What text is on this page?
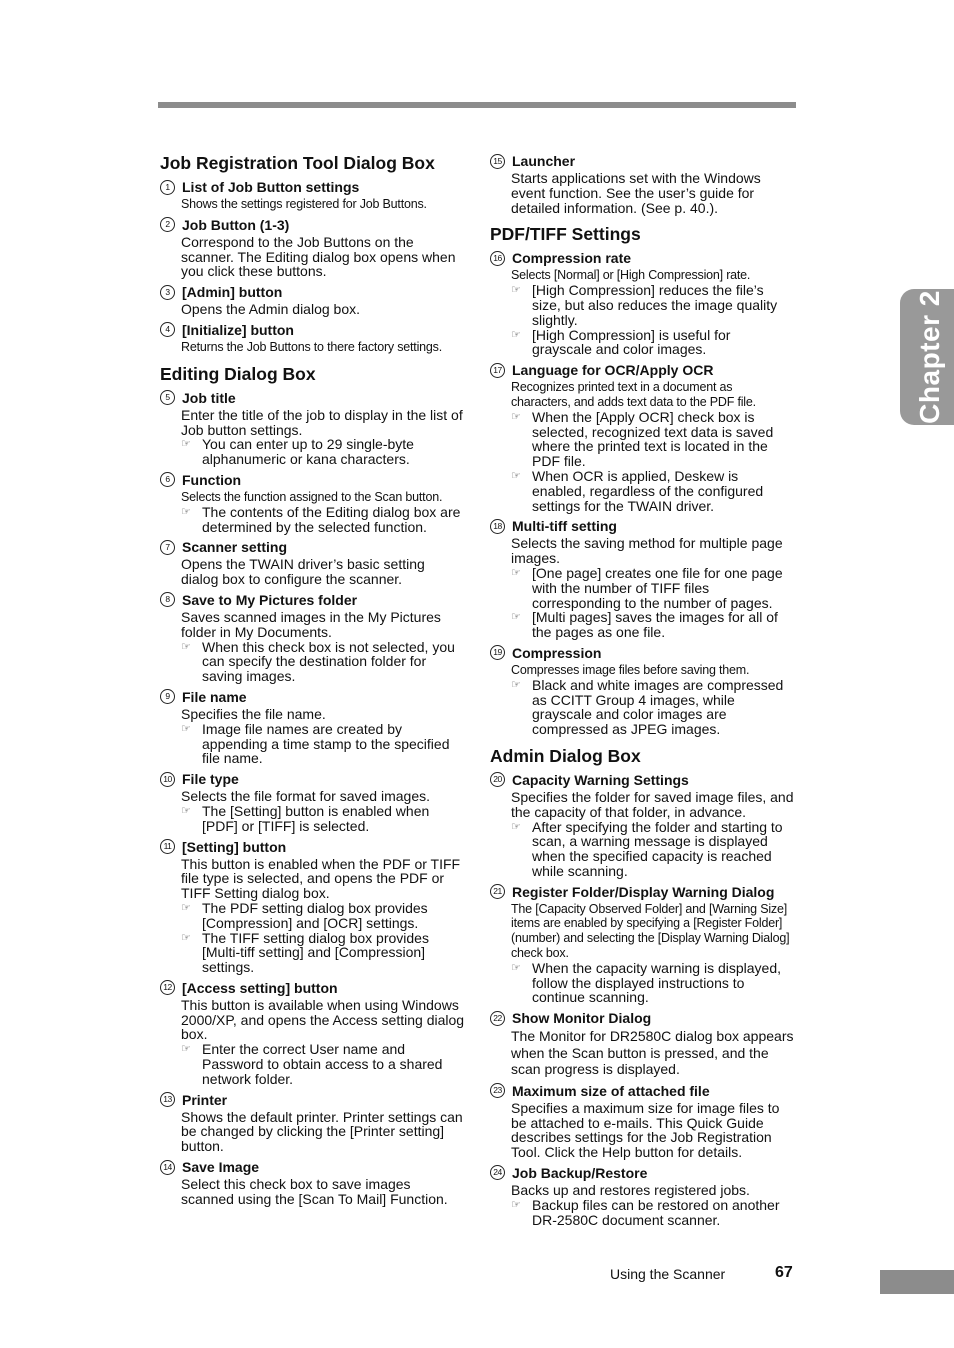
Job Registration Tool Dialog Box
1 List of Job Button settings
Shows the settings registered for Job Buttons.
2 Job Button (1-3)
Correspond to the Job Buttons on the scanner. The Editing dialog box opens when you click these buttons.
3 [Admin] button
Opens the Admin dialog box.
4 [Initialize] button
Returns the Job Buttons to there factory settings.
Editing Dialog Box
5 Job title
Enter the title of the job to display in the list of Job button settings.
☞ You can enter up to 29 single-byte alphanumeric or kana characters.
6 Function
Selects the function assigned to the Scan button.
☞ The contents of the Editing dialog box are determined by the selected function.
7 Scanner setting
Opens the TWAIN driver’s basic setting dialog box to configure the scanner.
8 Save to My Pictures folder
Saves scanned images in the My Pictures folder in My Documents.
☞ When this check box is not selected, you can specify the destination folder for saving images.
9 File name
Specifies the file name.
☞ Image file names are created by appending a time stamp to the specified file name.
10 File type
Selects the file format for saved images.
☞ The [Setting] button is enabled when [PDF] or [TIFF] is selected.
11 [Setting] button
This button is enabled when the PDF or TIFF file type is selected, and opens the PDF or TIFF Setting dialog box.
☞ The PDF setting dialog box provides [Compression] and [OCR] settings.
☞ The TIFF setting dialog box provides [Multi-tiff setting] and [Compression] settings.
12 [Access setting] button
This button is available when using Windows 2000/XP, and opens the Access setting dialog box.
☞ Enter the correct User name and Password to obtain access to a shared network folder.
13 Printer
Shows the default printer. Printer settings can be changed by clicking the [Printer setting] button.
14 Save Image
Select this check box to save images scanned using the [Scan To Mail] Function.
15 Launcher
Starts applications set with the Windows event function. See the user’s guide for detailed information. (See p. 40.).
PDF/TIFF Settings
16 Compression rate
Selects [Normal] or [High Compression] rate.
☞ [High Compression] reduces the file’s size, but also reduces the image quality slightly.
☞ [High Compression] is useful for grayscale and color images.
17 Language for OCR/Apply OCR
Recognizes printed text in a document as characters, and adds text data to the PDF file.
☞ When the [Apply OCR] check box is selected, recognized text data is saved where the printed text is located in the PDF file.
☞ When OCR is applied, Deskew is enabled, regardless of the configured settings for the TWAIN driver.
18 Multi-tiff setting
Selects the saving method for multiple page images.
☞ [One page] creates one file for one page with the number of TIFF files corresponding to the number of pages.
☞ [Multi pages] saves the images for all of the pages as one file.
19 Compression
Compresses image files before saving them.
☞ Black and white images are compressed as CCITT Group 4 images, while grayscale and color images are compressed as JPEG images.
Admin Dialog Box
20 Capacity Warning Settings
Specifies the folder for saved image files, and the capacity of that folder, in advance.
☞ After specifying the folder and starting to scan, a warning message is displayed when the specified capacity is reached while scanning.
21 Register Folder/Display Warning Dialog
The [Capacity Observed Folder] and [Warning Size] items are enabled by specifying a [Register Folder] (number) and selecting the [Display Warning Dialog] check box.
☞ When the capacity warning is displayed, follow the displayed instructions to continue scanning.
22 Show Monitor Dialog
The Monitor for DR2580C dialog box appears when the Scan button is pressed, and the scan progress is displayed.
23 Maximum size of attached file
Specifies a maximum size for image files to be attached to e-mails. This Quick Guide describes settings for the Job Registration Tool. Click the Help button for details.
24 Job Backup/Restore
Backs up and restores registered jobs.
☞ Backup files can be restored on another DR-2580C document scanner.
Chapter 2
Using the Scanner	67
